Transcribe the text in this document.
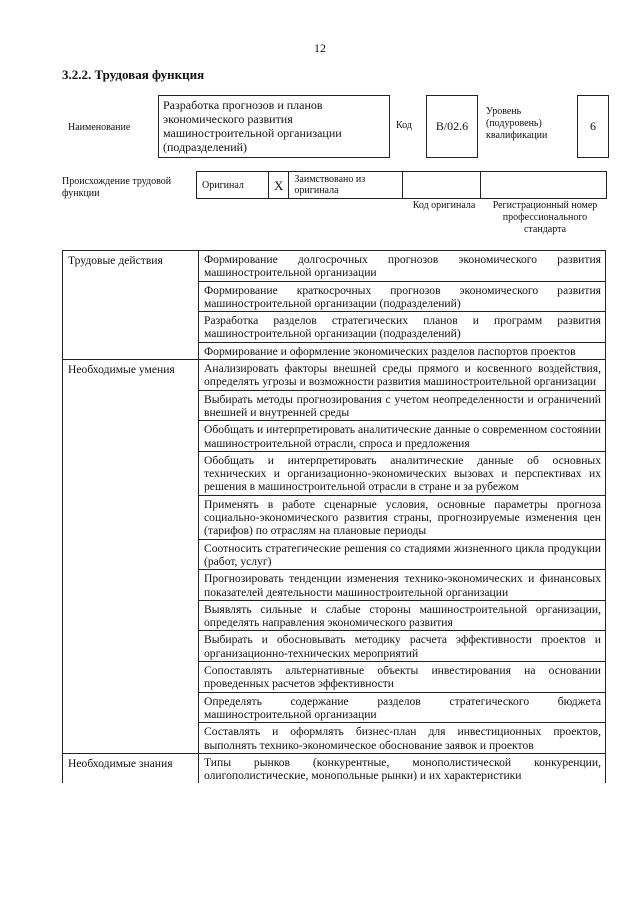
12
3.2.2. Трудовая функция
Наименование
Разработка прогнозов и планов экономического развития машиностроительной организации (подразделений)
Код	B/02.6
Уровень (подуровень) квалификации
6
Происхождение трудовой функции
Оригинал	X	Заимствовано из оригинала		
Код оригинала	Регистрационный номер профессионального стандарта
Трудовые действия	Формирование долгосрочных прогнозов экономического развития машиностроительной организации
	Формирование краткосрочных прогнозов экономического развития машиностроительной организации (подразделений)
	Разработка разделов стратегических планов и программ развития машиностроительной организации (подразделений)
	Формирование и оформление экономических разделов паспортов проектов
Необходимые умения	Анализировать факторы внешней среды прямого и косвенного воздействия, определять угрозы и возможности развития машиностроительной организации
	Выбирать методы прогнозирования с учетом неопределенности и ограничений внешней и внутренней среды
	Обобщать и интерпретировать аналитические данные о современном состоянии машиностроительной отрасли, спроса и предложения
	Обобщать и интерпретировать аналитические данные об основных технических и организационно-экономических вызовах и перспективах их решения в машиностроительной отрасли в стране и за рубежом
	Применять в работе сценарные условия, основные параметры прогноза социально-экономического развития страны, прогнозируемые изменения цен (тарифов) по отраслям на плановые периоды
	Соотносить стратегические решения со стадиями жизненного цикла продукции (работ, услуг)
	Прогнозировать тенденции изменения технико-экономических и финансовых показателей деятельности машиностроительной организации
	Выявлять сильные и слабые стороны машиностроительной организации, определять направления экономического развития
	Выбирать и обосновывать методику расчета эффективности проектов и организационно-технических мероприятий
	Сопоставлять альтернативные объекты инвестирования на основании проведенных расчетов эффективности
	Определять содержание разделов стратегического бюджета машиностроительной организации
	Составлять и оформлять бизнес-план для инвестиционных проектов, выполнять технико-экономическое обоснование заявок и проектов
Необходимые знания	Типы рынков (конкурентные, монополистической конкуренции, олигополистические, монопольные рынки) и их характеристики
